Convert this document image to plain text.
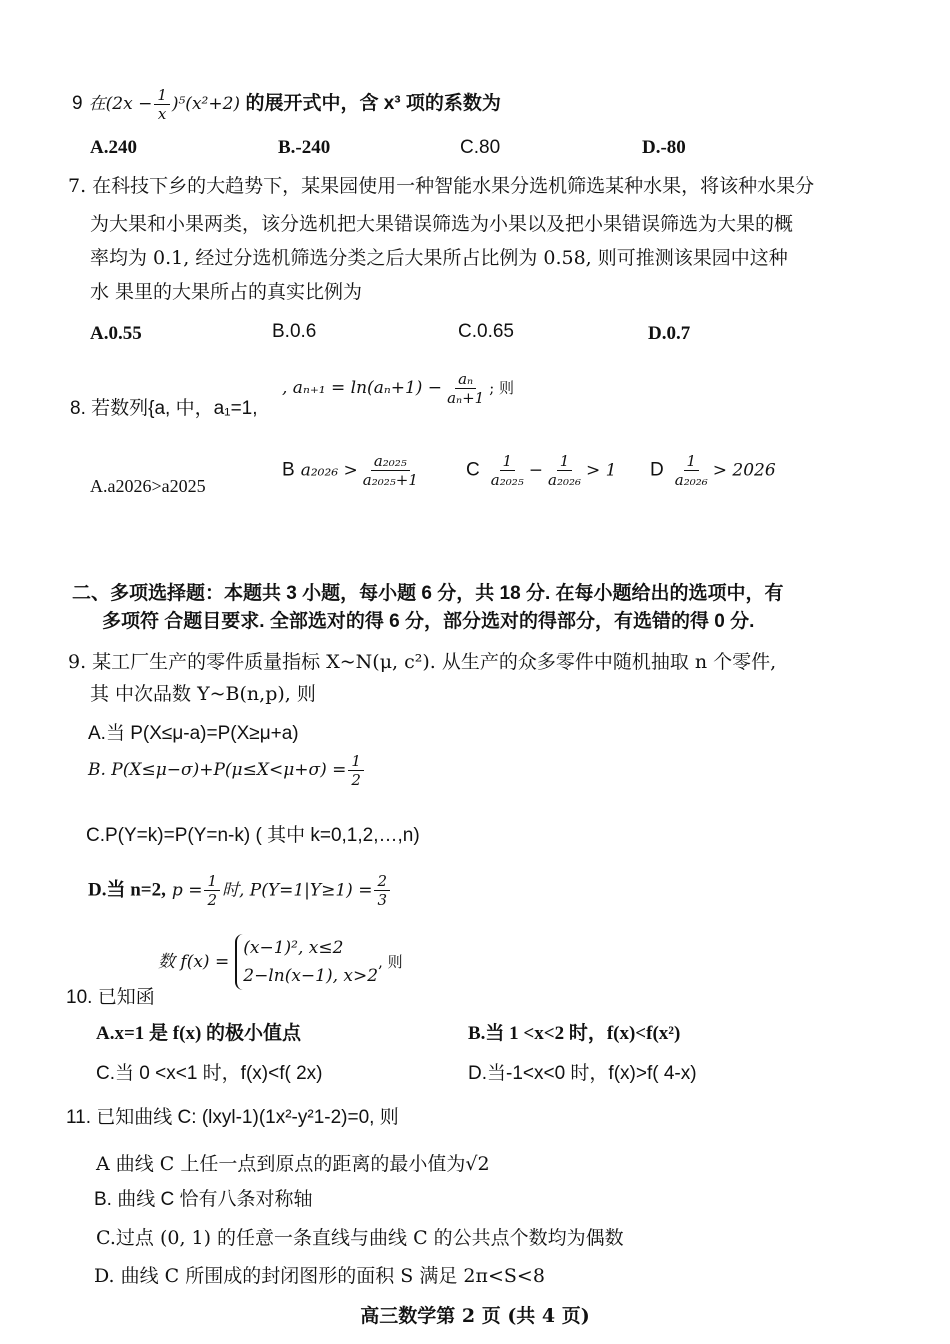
9 在$(2x - \frac{1}{x} )^5(x^2+2)$ 的展开式中，含 x³ 项的系数为
A.240	B.-240	C.80	D.-80
7. 在科技下乡的大趋势下，某果园使用一种智能水果分选机筛选某种水果，将该种水果分
为大果和小果两类，该分选机把大果错误筛选为小果以及把小果错误筛选为大果的概
率均为 0.1, 经过分选机筛选分类之后大果所占比例为 0.58, 则可推测该果园中这种
水 果里的大果所占的真实比例为
A.0.55	B.0.6	C.0.65	D.0.7
8. 若数列{a, 中，a₁=1,
, $a_{n+1} = \ln(a_n+1) - \frac{\text{aₙ}}{\text{aₙ+1}}$ ; 则
A.a2026>a2025
B $a_{2026} > \frac{\text{a₂₀₂₅}}{\text{a₂₀₂₅+1}}$ C $\frac{1}{\text{a₂₀₂₅}} - \frac{1}{\text{a₂₀₂₆}} > 1$ D $\frac{1}{\text{a₂₀₂₆}} > 2026$
二、多项选择题：本题共 3 小题，每小题 6 分，共 18 分. 在每小题给出的选项中，有
多项符 合题目要求. 全部选对的得 6 分，部分选对的得部分，有选错的得 0 分.
9. 某工厂生产的零件质量指标 X~N(μ, c²). 从生产的众多零件中随机抽取 n 个零件,
其 中次品数 Y~B(n,p), 则
A.当 P(X≤μ-a)=P(X≥μ+a)
B. $P(X\le\mu-\sigma)+P(\mu\le X<\mu+\sigma) = \frac{1}{2}$
C.P(Y=k)=P(Y=n-k) ( 其中 k=0,1,2,…,n)
D.当 n=2, $p = \frac{1}{2}$ 时, $P(Y=1|Y\ge 1) = \frac{2}{3}$
数 f(x) =
(x−1)², x≤2
2−ln(x−1), x>2
, 则
10. 已知函
A.x=1 是 f(x) 的极小值点	B.当 1 <x<2 时，f(x)<f(x²)
C.当 0 <x<1 时，f(x)<f( 2x)	D.当-1<x<0 时，f(x)>f( 4-x)
11. 已知曲线 C: (lxyl-1)(1x²-y²1-2)=0, 则
A 曲线 C 上任一点到原点的距离的最小值为√2
B. 曲线 C 恰有八条对称轴
C.过点 (0, 1) 的任意一条直线与曲线 C 的公共点个数均为偶数
D. 曲线 C 所围成的封闭图形的面积 S 满足 2π<S<8
高三数学第 2 页 (共 4 页)
